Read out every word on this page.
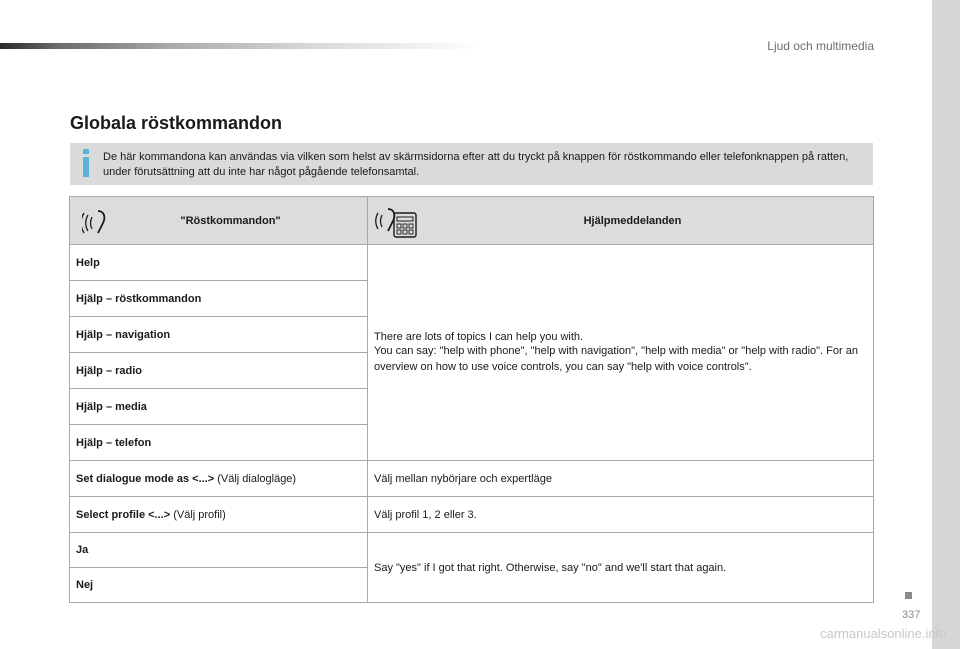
Ljud och multimedia
Globala röstkommandon
De här kommandona kan användas via vilken som helst av skärmsidorna efter att du tryckt på knappen för röstkommando eller telefonknappen på ratten, under förutsättning att du inte har något pågående telefonsamtal.
"Röstkommandon"	Hjälpmeddelanden

Help	There are lots of topics I can help you with.
You can say: "help with phone", "help with navigation", "help with media" or "help with radio". For an overview on how to use voice controls, you can say "help with voice controls".

Hjälp – röstkommandon	
Hjälp – navigation	
Hjälp – radio	
Hjälp – media	
Hjälp – telefon	
Set dialogue mode as <...> (Välj dialogläge)	Välj mellan nybörjare och expertläge
Select profile <...> (Välj profil)	Välj profil 1, 2 eller 3.
Ja	Say "yes" if I got that right. Otherwise, say "no" and we'll start that again.
Nej	
337
carmanualsonline.info
